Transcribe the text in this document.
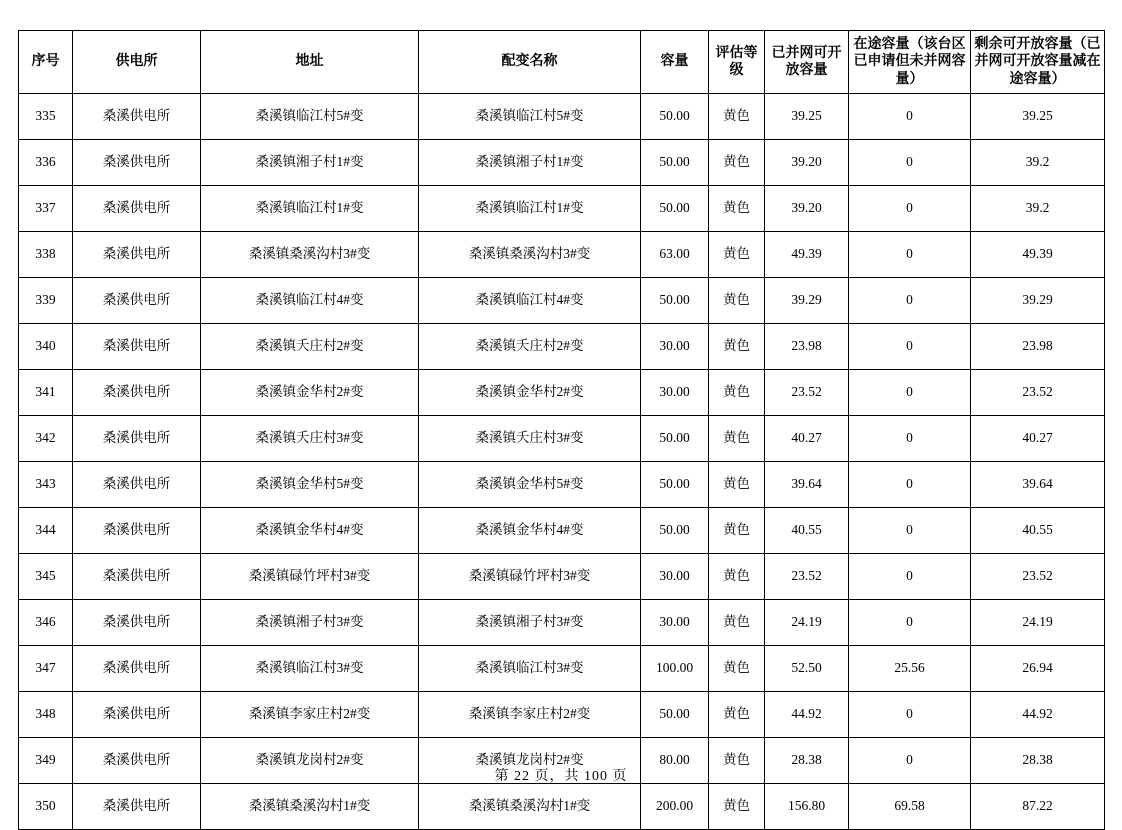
序号	供电所	地址	配变名称	容量	评估等级	已并网可开放容量	在途容量（该台区已申请但未并网容量）	剩余可开放容量（已并网可开放容量减在途容量）
335	桑溪供电所	桑溪镇临江村5#变	桑溪镇临江村5#变	50.00	黄色	39.25	0	39.25
336	桑溪供电所	桑溪镇湘子村1#变	桑溪镇湘子村1#变	50.00	黄色	39.20	0	39.2
337	桑溪供电所	桑溪镇临江村1#变	桑溪镇临江村1#变	50.00	黄色	39.20	0	39.2
338	桑溪供电所	桑溪镇桑溪沟村3#变	桑溪镇桑溪沟村3#变	63.00	黄色	49.39	0	49.39
339	桑溪供电所	桑溪镇临江村4#变	桑溪镇临江村4#变	50.00	黄色	39.29	0	39.29
340	桑溪供电所	桑溪镇夭庄村2#变	桑溪镇夭庄村2#变	30.00	黄色	23.98	0	23.98
341	桑溪供电所	桑溪镇金华村2#变	桑溪镇金华村2#变	30.00	黄色	23.52	0	23.52
342	桑溪供电所	桑溪镇夭庄村3#变	桑溪镇夭庄村3#变	50.00	黄色	40.27	0	40.27
343	桑溪供电所	桑溪镇金华村5#变	桑溪镇金华村5#变	50.00	黄色	39.64	0	39.64
344	桑溪供电所	桑溪镇金华村4#变	桑溪镇金华村4#变	50.00	黄色	40.55	0	40.55
345	桑溪供电所	桑溪镇碌竹坪村3#变	桑溪镇碌竹坪村3#变	30.00	黄色	23.52	0	23.52
346	桑溪供电所	桑溪镇湘子村3#变	桑溪镇湘子村3#变	30.00	黄色	24.19	0	24.19
347	桑溪供电所	桑溪镇临江村3#变	桑溪镇临江村3#变	100.00	黄色	52.50	25.56	26.94
348	桑溪供电所	桑溪镇李家庄村2#变	桑溪镇李家庄村2#变	50.00	黄色	44.92	0	44.92
349	桑溪供电所	桑溪镇龙岗村2#变	桑溪镇龙岗村2#变	80.00	黄色	28.38	0	28.38
350	桑溪供电所	桑溪镇桑溪沟村1#变	桑溪镇桑溪沟村1#变	200.00	黄色	156.80	69.58	87.22
第 22 页，共 100 页
